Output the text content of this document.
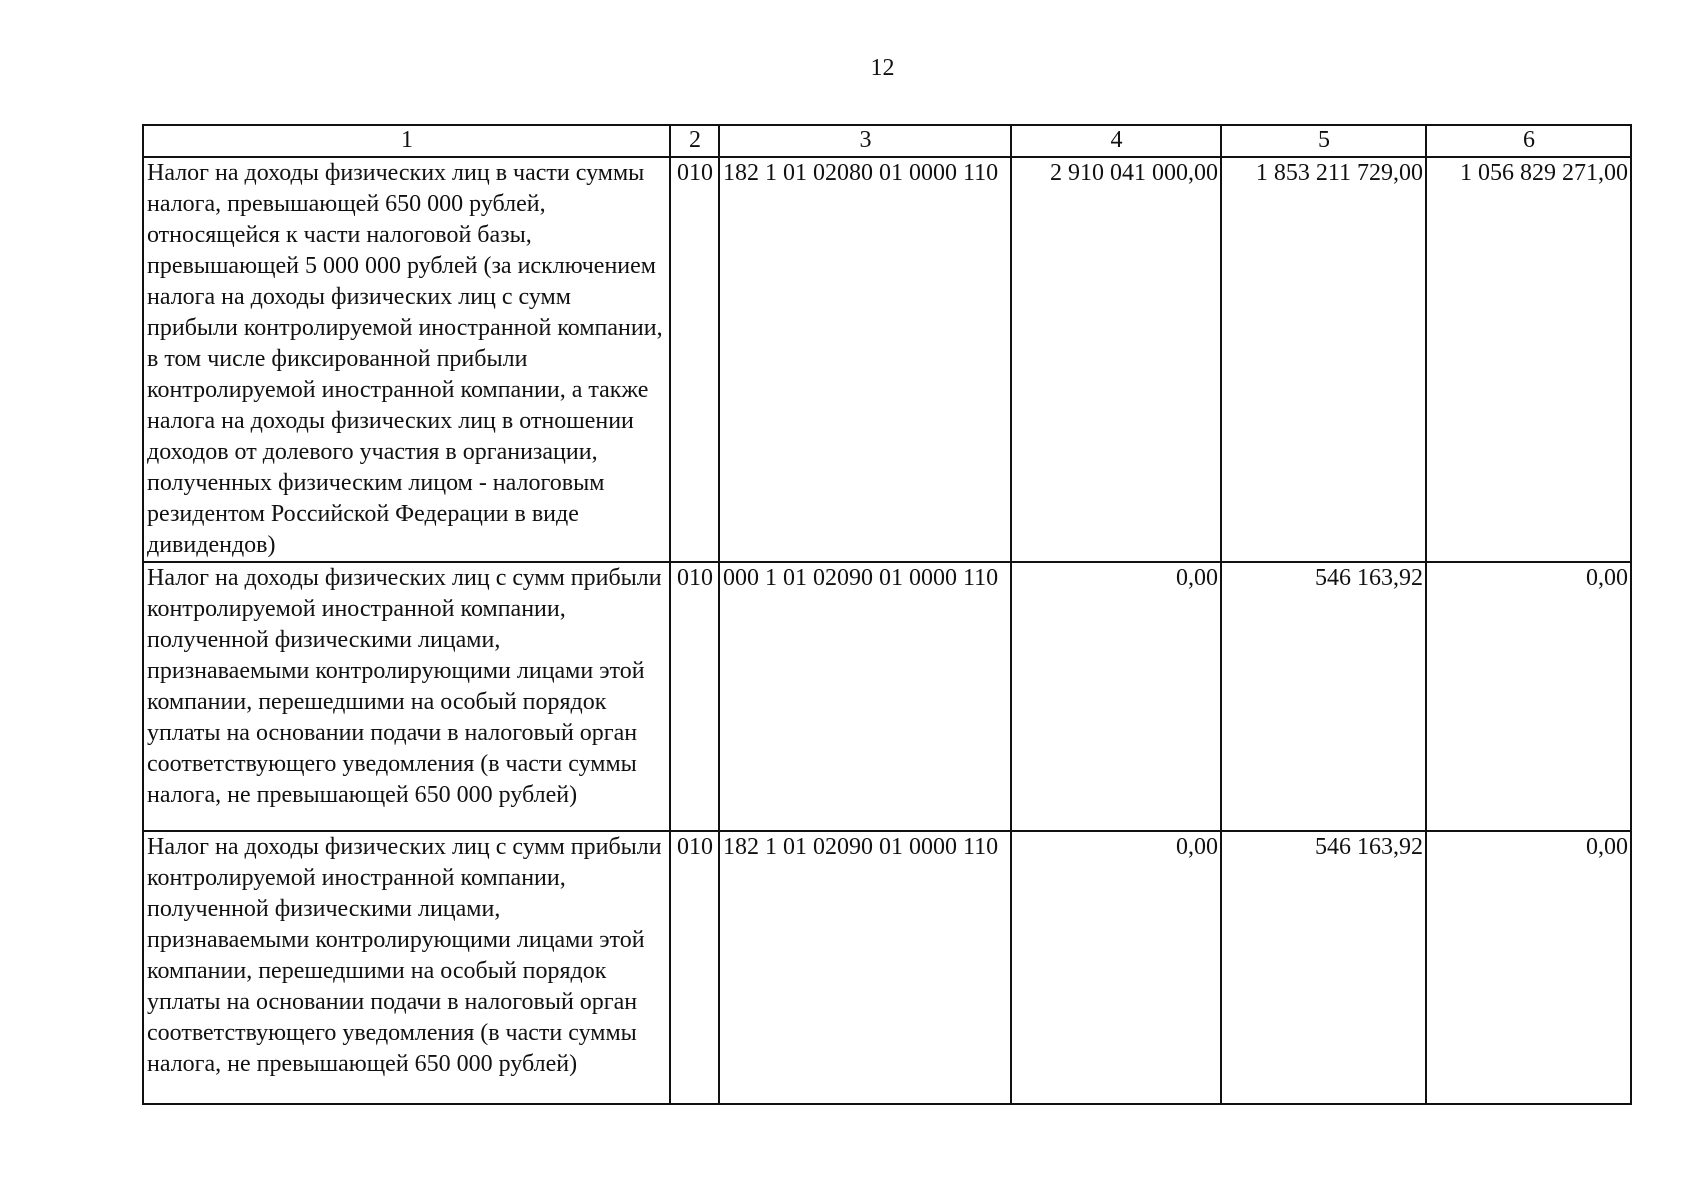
12
1	2	3	4	5	6
Налог на доходы физических лиц в части суммы налога, превышающей 650 000 рублей, относящейся к части налоговой базы, превышающей 5 000 000 рублей (за исключением налога на доходы физических лиц с сумм прибыли контролируемой иностранной компании, в том числе фиксированной прибыли контролируемой иностранной компании, а также налога на доходы физических лиц в отношении доходов от долевого участия в организации, полученных физическим лицом - налоговым резидентом Российской Федерации в виде дивидендов)	010	182 1 01 02080 01 0000 110	2 910 041 000,00	1 853 211 729,00	1 056 829 271,00
Налог на доходы физических лиц с сумм прибыли контролируемой иностранной компании, полученной физическими лицами, признаваемыми контролирующими лицами этой компании, перешедшими на особый порядок уплаты на основании подачи в налоговый орган соответствующего уведомления (в части суммы налога, не превышающей 650 000 рублей)	010	000 1 01 02090 01 0000 110	0,00	546 163,92	0,00
Налог на доходы физических лиц с сумм прибыли контролируемой иностранной компании, полученной физическими лицами, признаваемыми контролирующими лицами этой компании, перешедшими на особый порядок уплаты на основании подачи в налоговый орган соответствующего уведомления (в части суммы налога, не превышающей 650 000 рублей)	010	182 1 01 02090 01 0000 110	0,00	546 163,92	0,00
